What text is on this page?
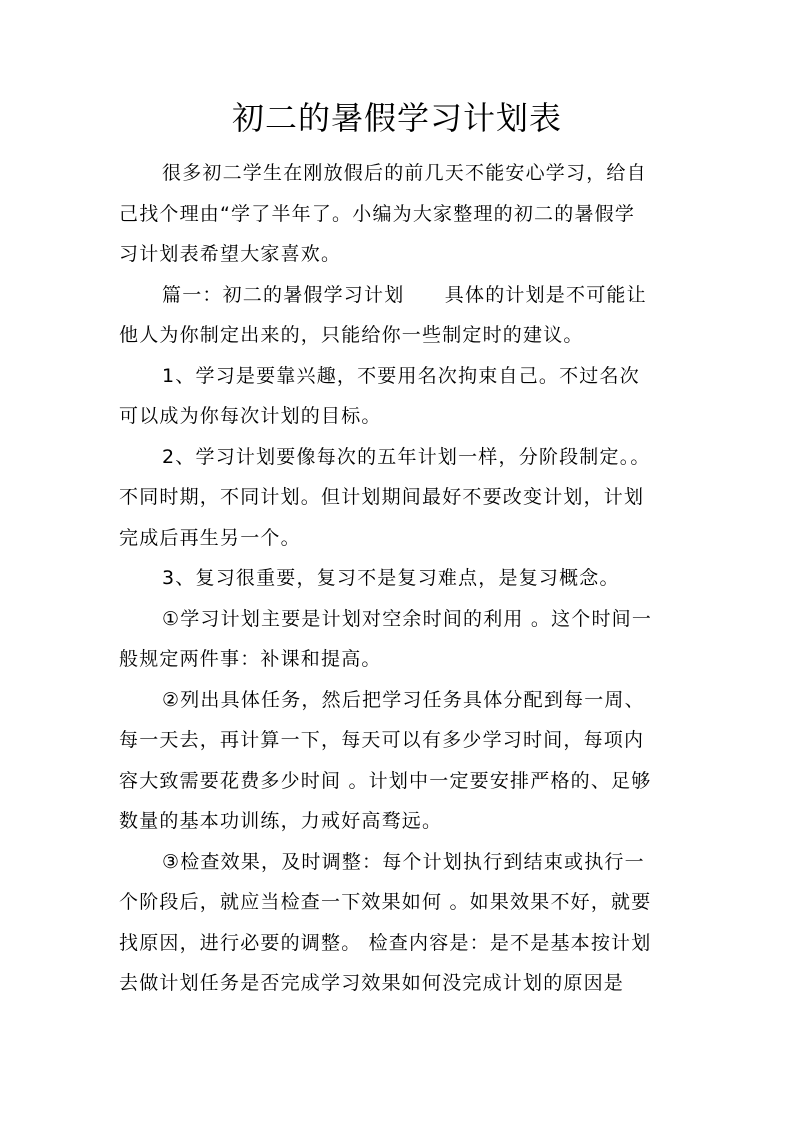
初二的暑假学习计划表
很多初二学生在刚放假后的前几天不能安心学习，给自
己找个理由“学了半年了。小编为大家整理的初二的暑假学
习计划表希望大家喜欢。
篇一：初二的暑假学习计划　　具体的计划是不可能让
他人为你制定出来的，只能给你一些制定时的建议。
1、学习是要靠兴趣，不要用名次拘束自己。不过名次
可以成为你每次计划的目标。
2、学习计划要像每次的五年计划一样，分阶段制定。。
不同时期，不同计划。但计划期间最好不要改变计划，计划
完成后再生另一个。
3、复习很重要，复习不是复习难点，是复习概念。
①学习计划主要是计划对空余时间的利用 。这个时间一
般规定两件事：补课和提高。
②列出具体任务，然后把学习任务具体分配到每一周、
每一天去，再计算一下，每天可以有多少学习时间，每项内
容大致需要花费多少时间 。计划中一定要安排严格的、足够
数量的基本功训练，力戒好高骛远。
③检查效果，及时调整：每个计划执行到结束或执行一
个阶段后，就应当检查一下效果如何 。如果效果不好，就要
找原因，进行必要的调整。 检查内容是：是不是基本按计划
去做计划任务是否完成学习效果如何没完成计划的原因是
